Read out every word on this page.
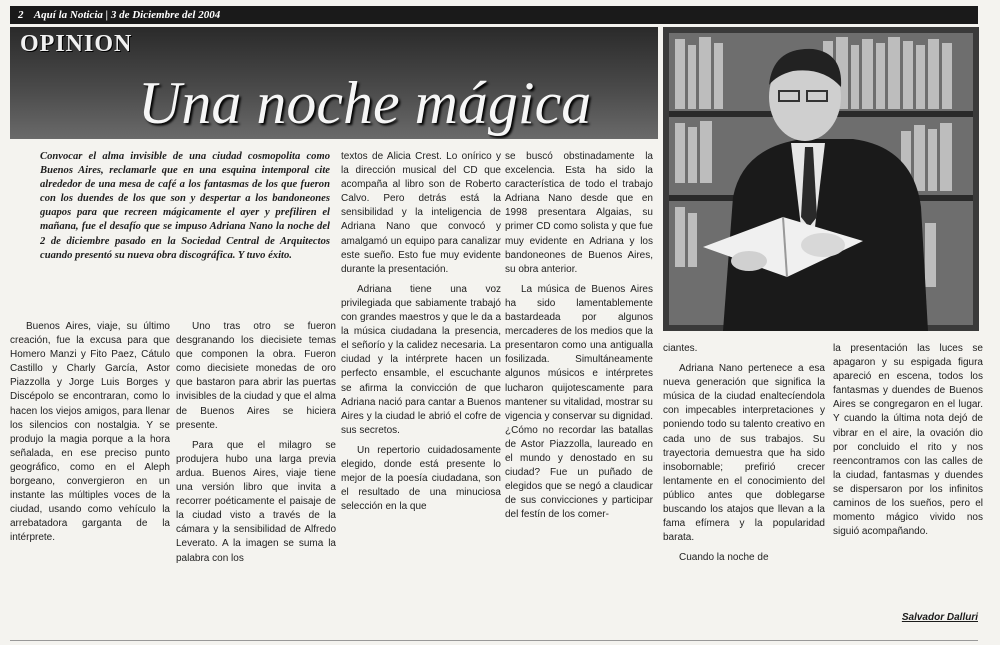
2 Aquí la Noticia | 3 de Diciembre del 2004
OPINION
Una noche mágica
Convocar el alma invisible de una ciudad cosmopolita como Buenos Aires, reclamarle que en una esquina intemporal cite alrededor de una mesa de café a los fantasmas de los que fueron con los duendes de los que son y despertar a los bandoneones guapos para que recreen mágicamente el ayer y prefiliren el mañana, fue el desafío que se impuso Adriana Nano la noche del 2 de diciembre pasado en la Sociedad Central de Arquitectos cuando presentó su nueva obra discográfica. Y tuvo éxito.

Buenos Aires, viaje, su último creación, fue la excusa para que Homero Manzi y Fito Paez, Cátulo Castillo y Charly García, Astor Piazzolla y Jorge Luis Borges y Discépolo se encontraran, como lo hacen los viejos amigos, para llenar los silencios con nostalgia. Y se produjo la magia porque a la hora señalada, en ese preciso punto geográfico, como en el Aleph borgeano, convergieron en un instante las múltiples voces de la ciudad, usando como vehículo la arrebatadora garganta de la intérprete.

Uno tras otro se fueron desgranando los diecisiete temas que componen la obra. Fueron como diecisiete monedas de oro que bastaron para abrir las puertas invisibles de la ciudad y que el alma de Buenos Aires se hiciera presente.

Para que el milagro se produjera hubo una larga previa ardua. Buenos Aires, viaje tiene una versión libro que invita a recorrer poéticamente el paisaje de la ciudad visto a través de la cámara y la sensibilidad de Alfredo Leverato. A la imagen se suma la palabra con los

textos de Alicia Crest. Lo onírico y la dirección musical del CD que acompaña al libro son de Roberto Calvo. Pero detrás está la sensibilidad y la inteligencia de Adriana Nano que convocó y amalgamó un equipo para canalizar este sueño. Esto fue muy evidente durante la presentación.

Adriana tiene una voz privilegiada que sabiamente trabajó con grandes maestros y que le da a la música ciudadana la presencia, el señorío y la calidez necesaria. La ciudad y la intérprete hacen un perfecto ensamble, el escuchante se afirma la convicción de que Adriana nació para cantar a Buenos Aires y la ciudad le abrió el cofre de sus secretos.

Un repertorio cuidadosamente elegido, donde está presente lo mejor de la poesía ciudadana, son el resultado de una minuciosa selección en la que

se buscó obstinadamente la excelencia. Esta ha sido la característica de todo el trabajo Adriana Nano desde que en 1998 presentara Algaias, su primer CD como solista y que fue muy evidente en Adriana y los bandoneones de Buenos Aires, su obra anterior.

La música de Buenos Aires ha sido lamentablemente bastardeada por algunos mercaderes de los medios que la presentaron como una antigualla fosilizada. Simultáneamente algunos músicos e intérpretes lucharon quijotescamente para mantener su vitalidad, mostrar su vigencia y conservar su dignidad. ¿Cómo no recordar las batallas de Astor Piazzolla, laureado en el mundo y denostado en su ciudad? Fue un puñado de elegidos que se negó a claudicar de sus convicciones y participar del festín de los comer-

ciantes.

Adriana Nano pertenece a esa nueva generación que significa la música de la ciudad enaltecíendola con impecables interpretaciones y poniendo todo su talento creativo en cada uno de sus trabajos. Su trayectoria demuestra que ha sido insobornable; prefirió crecer lentamente en el conocimiento del público antes que doblegarse buscando los atajos que llevan a la fama efímera y la popularidad barata.

Cuando la noche de

la presentación las luces se apagaron y su espigada figura apareció en escena, todos los fantasmas y duendes de Buenos Aires se congregaron en el lugar. Y cuando la última nota dejó de vibrar en el aire, la ovación dio por concluido el rito y nos reencontramos con las calles de la ciudad, fantasmas y duendes se dispersaron por los infinitos caminos de los sueños, pero el momento mágico vivido nos siguió acompañando.

Salvador Dalluri
